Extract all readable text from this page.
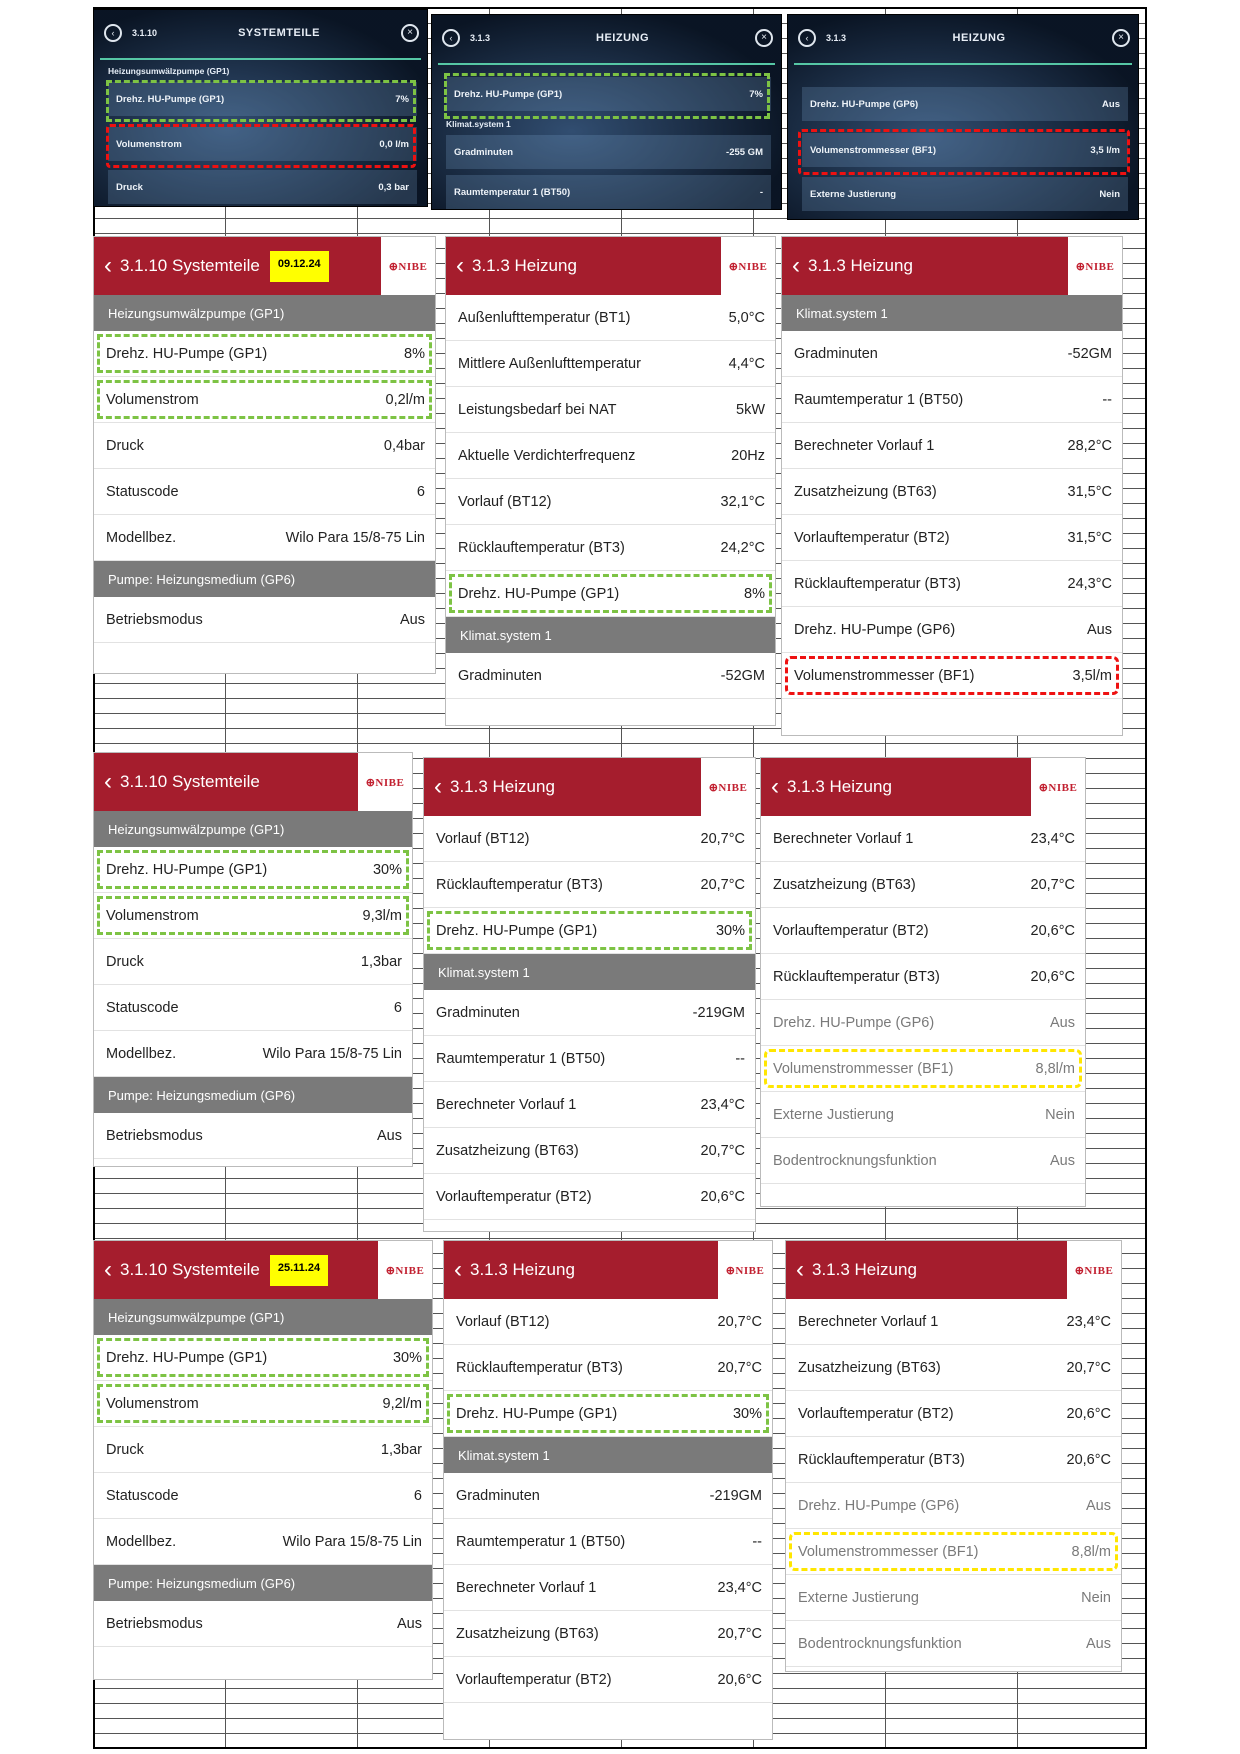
‹	3.1.10	SYSTEMTEILE	×
Heizungsumwälzpumpe (GP1)
Drehz. HU-Pumpe (GP1)	7%
Volumenstrom	0,0 l/m
Druck	0,3 bar
‹	3.1.3	HEIZUNG	×
Drehz. HU-Pumpe (GP1)	7%
Klimat.system 1
Gradminuten	-255 GM
Raumtemperatur 1 (BT50)	-
‹	3.1.3	HEIZUNG	×
Drehz. HU-Pumpe (GP6)	Aus
Volumenstrommesser (BF1)	3,5 l/m
Externe Justierung	Nein
‹ 3.1.10 Systemteile	09.12.24	⊕NIBE
Heizungsumwälzpumpe (GP1)
Drehz. HU-Pumpe (GP1)	8%
Volumenstrom	0,2l/m
Druck	0,4bar
Statuscode	6
Modellbez.	Wilo Para 15/8-75 Lin
Pumpe: Heizungsmedium (GP6)
Betriebsmodus	Aus
‹ 3.1.3 Heizung	⊕NIBE
Außenlufttemperatur (BT1)	5,0°C
Mittlere Außenlufttemperatur	4,4°C
Leistungsbedarf bei NAT	5kW
Aktuelle Verdichterfrequenz	20Hz
Vorlauf (BT12)	32,1°C
Rücklauftemperatur (BT3)	24,2°C
Drehz. HU-Pumpe (GP1)	8%
Klimat.system 1
Gradminuten	-52GM
‹ 3.1.3 Heizung	⊕NIBE
Klimat.system 1
Gradminuten	-52GM
Raumtemperatur 1 (BT50)	--
Berechneter Vorlauf 1	28,2°C
Zusatzheizung (BT63)	31,5°C
Vorlauftemperatur (BT2)	31,5°C
Rücklauftemperatur (BT3)	24,3°C
Drehz. HU-Pumpe (GP6)	Aus
Volumenstrommesser (BF1)	3,5l/m
‹ 3.1.10 Systemteile	⊕NIBE
Heizungsumwälzpumpe (GP1)
Drehz. HU-Pumpe (GP1)	30%
Volumenstrom	9,3l/m
Druck	1,3bar
Statuscode	6
Modellbez.	Wilo Para 15/8-75 Lin
Pumpe: Heizungsmedium (GP6)
Betriebsmodus	Aus
‹ 3.1.3 Heizung	⊕NIBE
Vorlauf (BT12)	20,7°C
Rücklauftemperatur (BT3)	20,7°C
Drehz. HU-Pumpe (GP1)	30%
Klimat.system 1
Gradminuten	-219GM
Raumtemperatur 1 (BT50)	--
Berechneter Vorlauf 1	23,4°C
Zusatzheizung (BT63)	20,7°C
Vorlauftemperatur (BT2)	20,6°C
‹ 3.1.3 Heizung	⊕NIBE
Berechneter Vorlauf 1	23,4°C
Zusatzheizung (BT63)	20,7°C
Vorlauftemperatur (BT2)	20,6°C
Rücklauftemperatur (BT3)	20,6°C
Drehz. HU-Pumpe (GP6)	Aus
Volumenstrommesser (BF1)	8,8l/m
Externe Justierung	Nein
Bodentrocknungsfunktion	Aus
‹ 3.1.10 Systemteile	25.11.24	⊕NIBE
Heizungsumwälzpumpe (GP1)
Drehz. HU-Pumpe (GP1)	30%
Volumenstrom	9,2l/m
Druck	1,3bar
Statuscode	6
Modellbez.	Wilo Para 15/8-75 Lin
Pumpe: Heizungsmedium (GP6)
Betriebsmodus	Aus
‹ 3.1.3 Heizung	⊕NIBE
Vorlauf (BT12)	20,7°C
Rücklauftemperatur (BT3)	20,7°C
Drehz. HU-Pumpe (GP1)	30%
Klimat.system 1
Gradminuten	-219GM
Raumtemperatur 1 (BT50)	--
Berechneter Vorlauf 1	23,4°C
Zusatzheizung (BT63)	20,7°C
Vorlauftemperatur (BT2)	20,6°C
‹ 3.1.3 Heizung	⊕NIBE
Berechneter Vorlauf 1	23,4°C
Zusatzheizung (BT63)	20,7°C
Vorlauftemperatur (BT2)	20,6°C
Rücklauftemperatur (BT3)	20,6°C
Drehz. HU-Pumpe (GP6)	Aus
Volumenstrommesser (BF1)	8,8l/m
Externe Justierung	Nein
Bodentrocknungsfunktion	Aus
